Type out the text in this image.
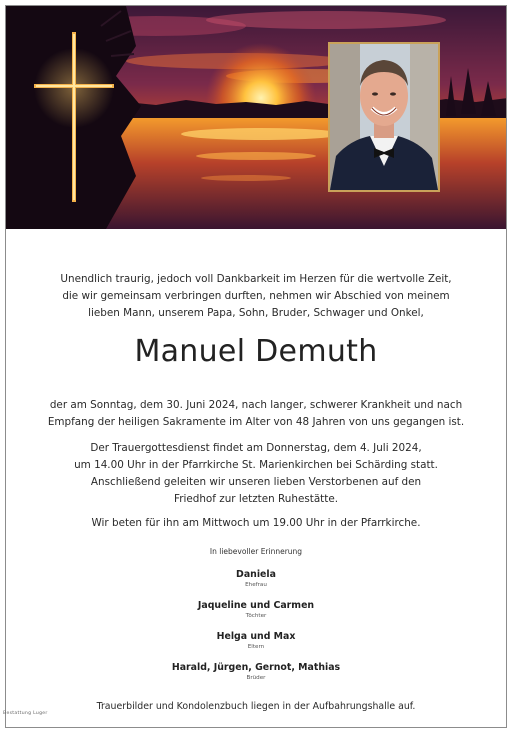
Unendlich traurig, jedoch voll Dankbarkeit im Herzen für die wertvolle Zeit,
die wir gemeinsam verbringen durften, nehmen wir Abschied von meinem
lieben Mann, unserem Papa, Sohn, Bruder, Schwager und Onkel,
Manuel Demuth
der am Sonntag, dem 30. Juni 2024, nach langer, schwerer Krankheit und nach
Empfang der heiligen Sakramente im Alter von 48 Jahren von uns gegangen ist.
Der Trauergottesdienst findet am Donnerstag, dem 4. Juli 2024,
um 14.00 Uhr in der Pfarrkirche St. Marienkirchen bei Schärding statt.
Anschließend geleiten wir unseren lieben Verstorbenen auf den
Friedhof zur letzten Ruhestätte.
Wir beten für ihn am Mittwoch um 19.00 Uhr in der Pfarrkirche.
In liebevoller Erinnerung
Daniela
Ehefrau
Jaqueline und Carmen
Töchter
Helga und Max
Eltern
Harald, Jürgen, Gernot, Mathias
Brüder
Trauerbilder und Kondolenzbuch liegen in der Aufbahrungshalle auf.
Bestattung Luger
